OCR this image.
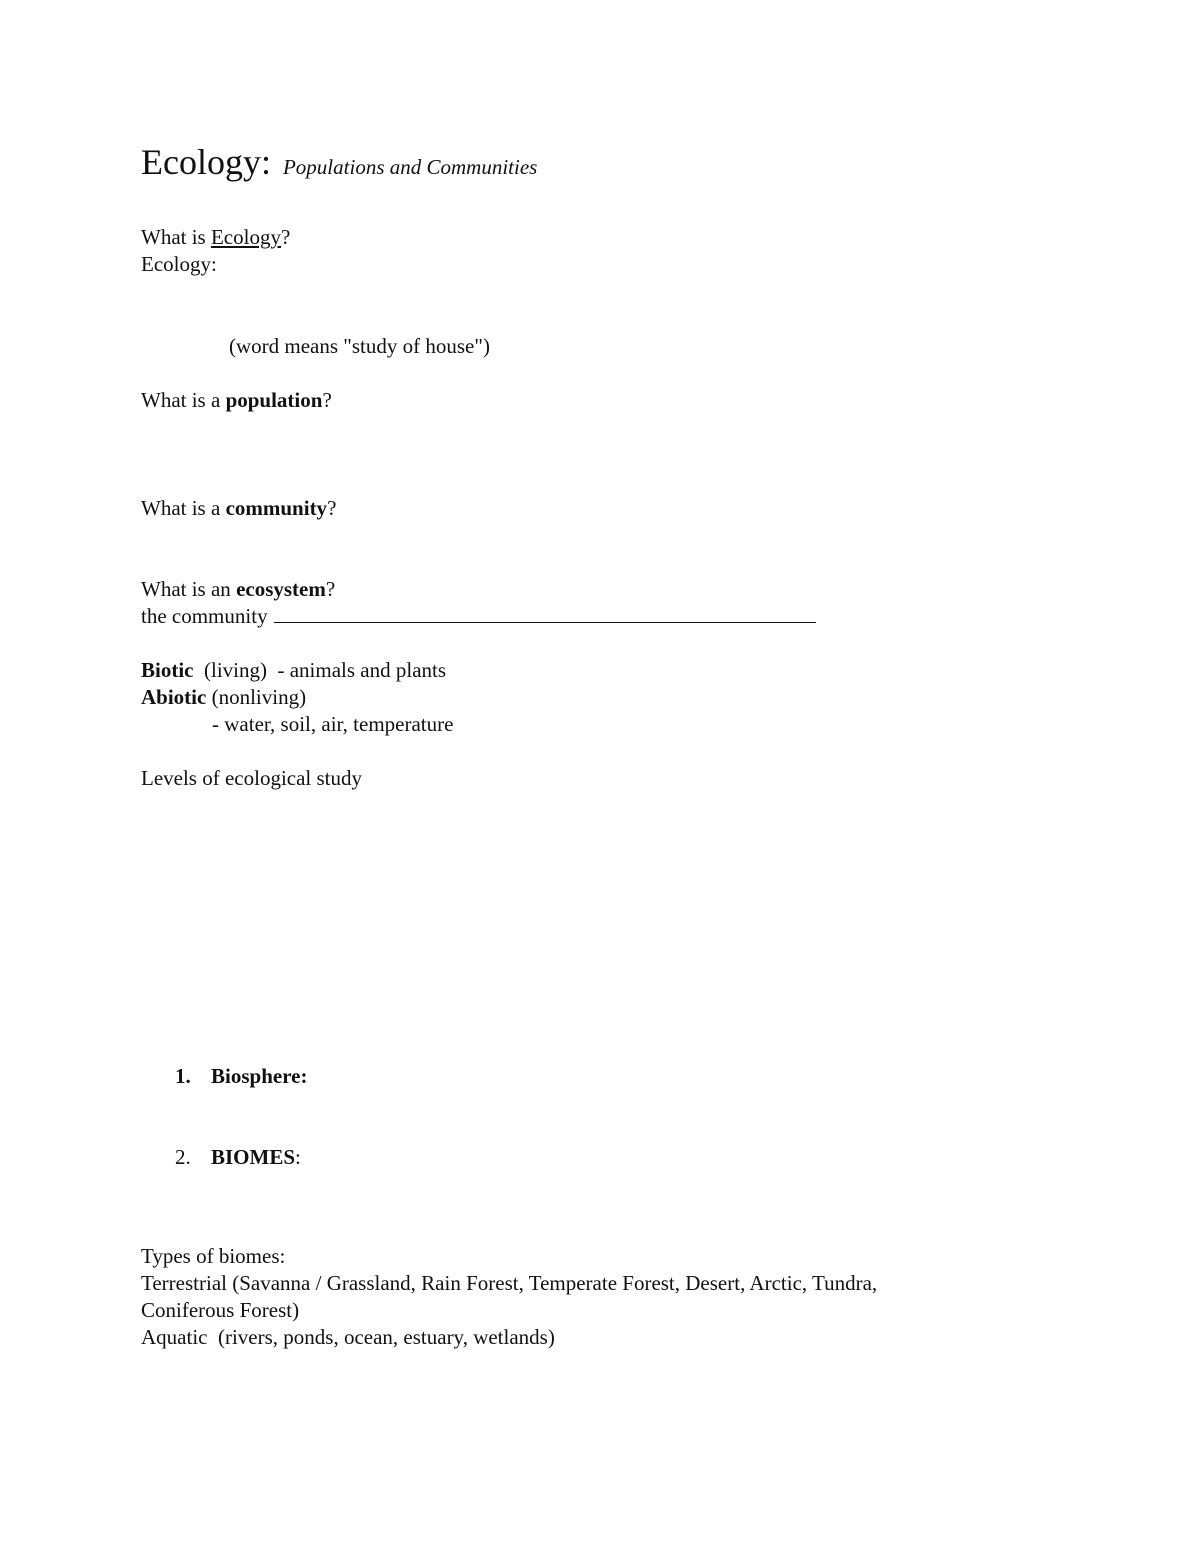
Ecology: Populations and Communities
What is Ecology?
Ecology:
(word means "study of house")
What is a population?
What is a community?
What is an ecosystem?
the community
Biotic  (living)  - animals and plants
Abiotic (nonliving)
- water, soil, air, temperature
Levels of ecological study
1. Biosphere:
2. BIOMES:
Types of biomes:
Terrestrial (Savanna / Grassland, Rain Forest, Temperate Forest, Desert, Arctic, Tundra,
Coniferous Forest)
Aquatic  (rivers, ponds, ocean, estuary, wetlands)
